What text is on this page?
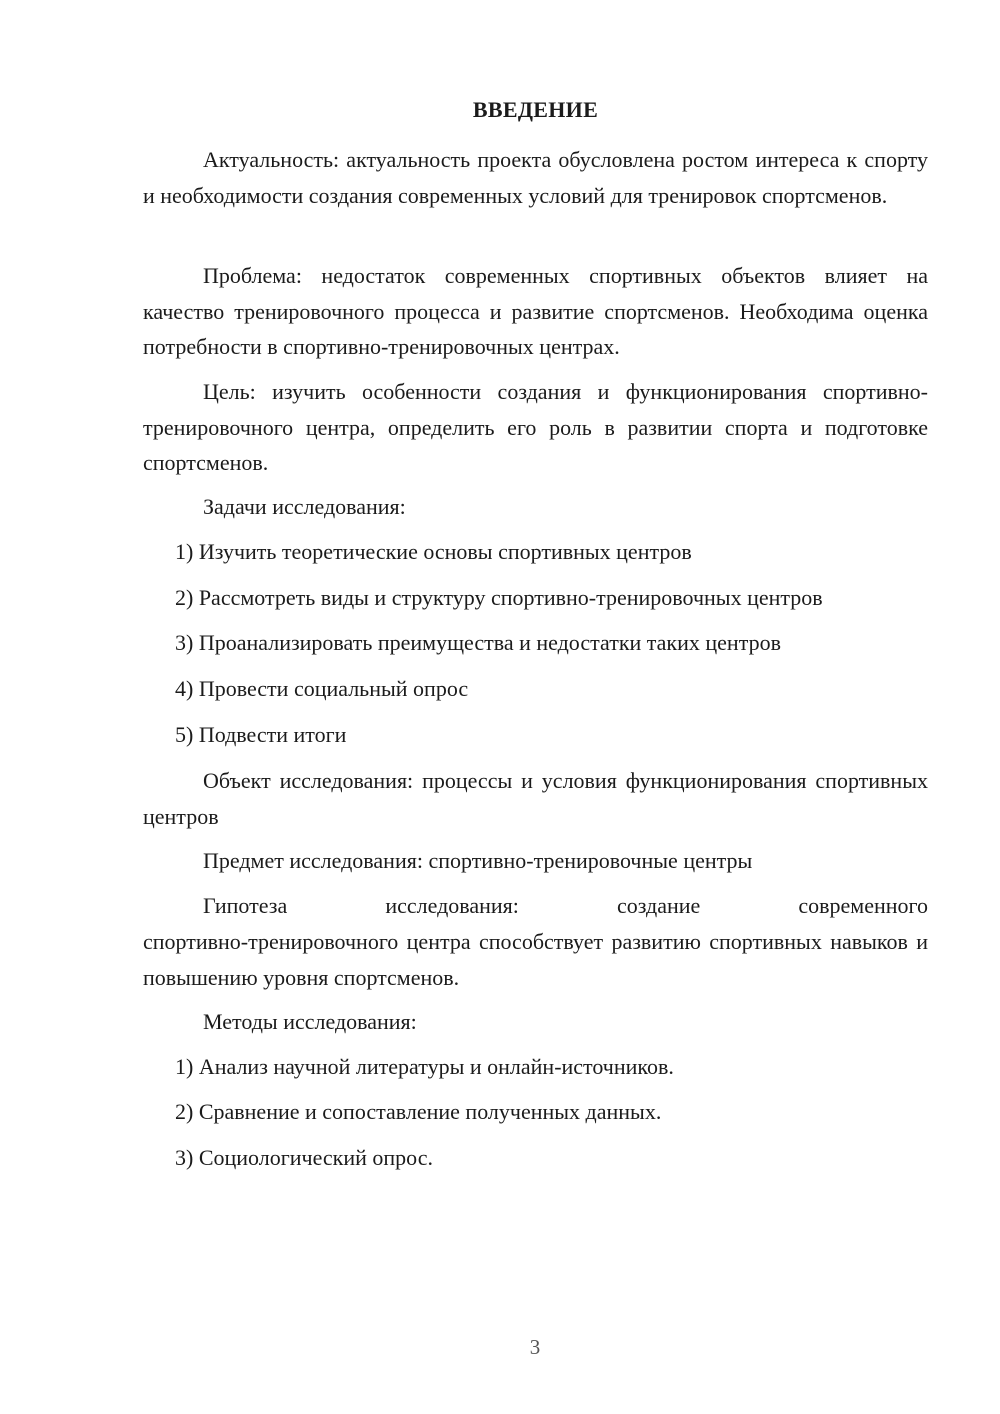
ВВЕДЕНИЕ

Актуальность: актуальность проекта обусловлена ростом интереса к спорту и необходимости создания современных условий для тренировок спортсменов.

Проблема: недостаток современных спортивных объектов влияет на качество тренировочного процесса и развитие спортсменов. Необходима оценка потребности в спортивно-тренировочных центрах.

Цель: изучить особенности создания и функционирования спортивно-тренировочного центра, определить его роль в развитии спорта и подготовке спортсменов.

Задачи исследования:
1) Изучить теоретические основы спортивных центров
2) Рассмотреть виды и структуру спортивно-тренировочных центров
3) Проанализировать преимущества и недостатки таких центров
4) Провести социальный опрос
5) Подвести итоги

Объект исследования: процессы и условия функционирования спортивных центров

Предмет исследования: спортивно-тренировочные центры
Гипотеза	исследования:	создание	современного

спортивно-тренировочного центра способствует развитию спортивных навыков и повышению уровня спортсменов.

Методы исследования:
1) Анализ научной литературы и онлайн-источников.
2) Сравнение и сопоставление полученных данных.
3) Социологический опрос.
3
